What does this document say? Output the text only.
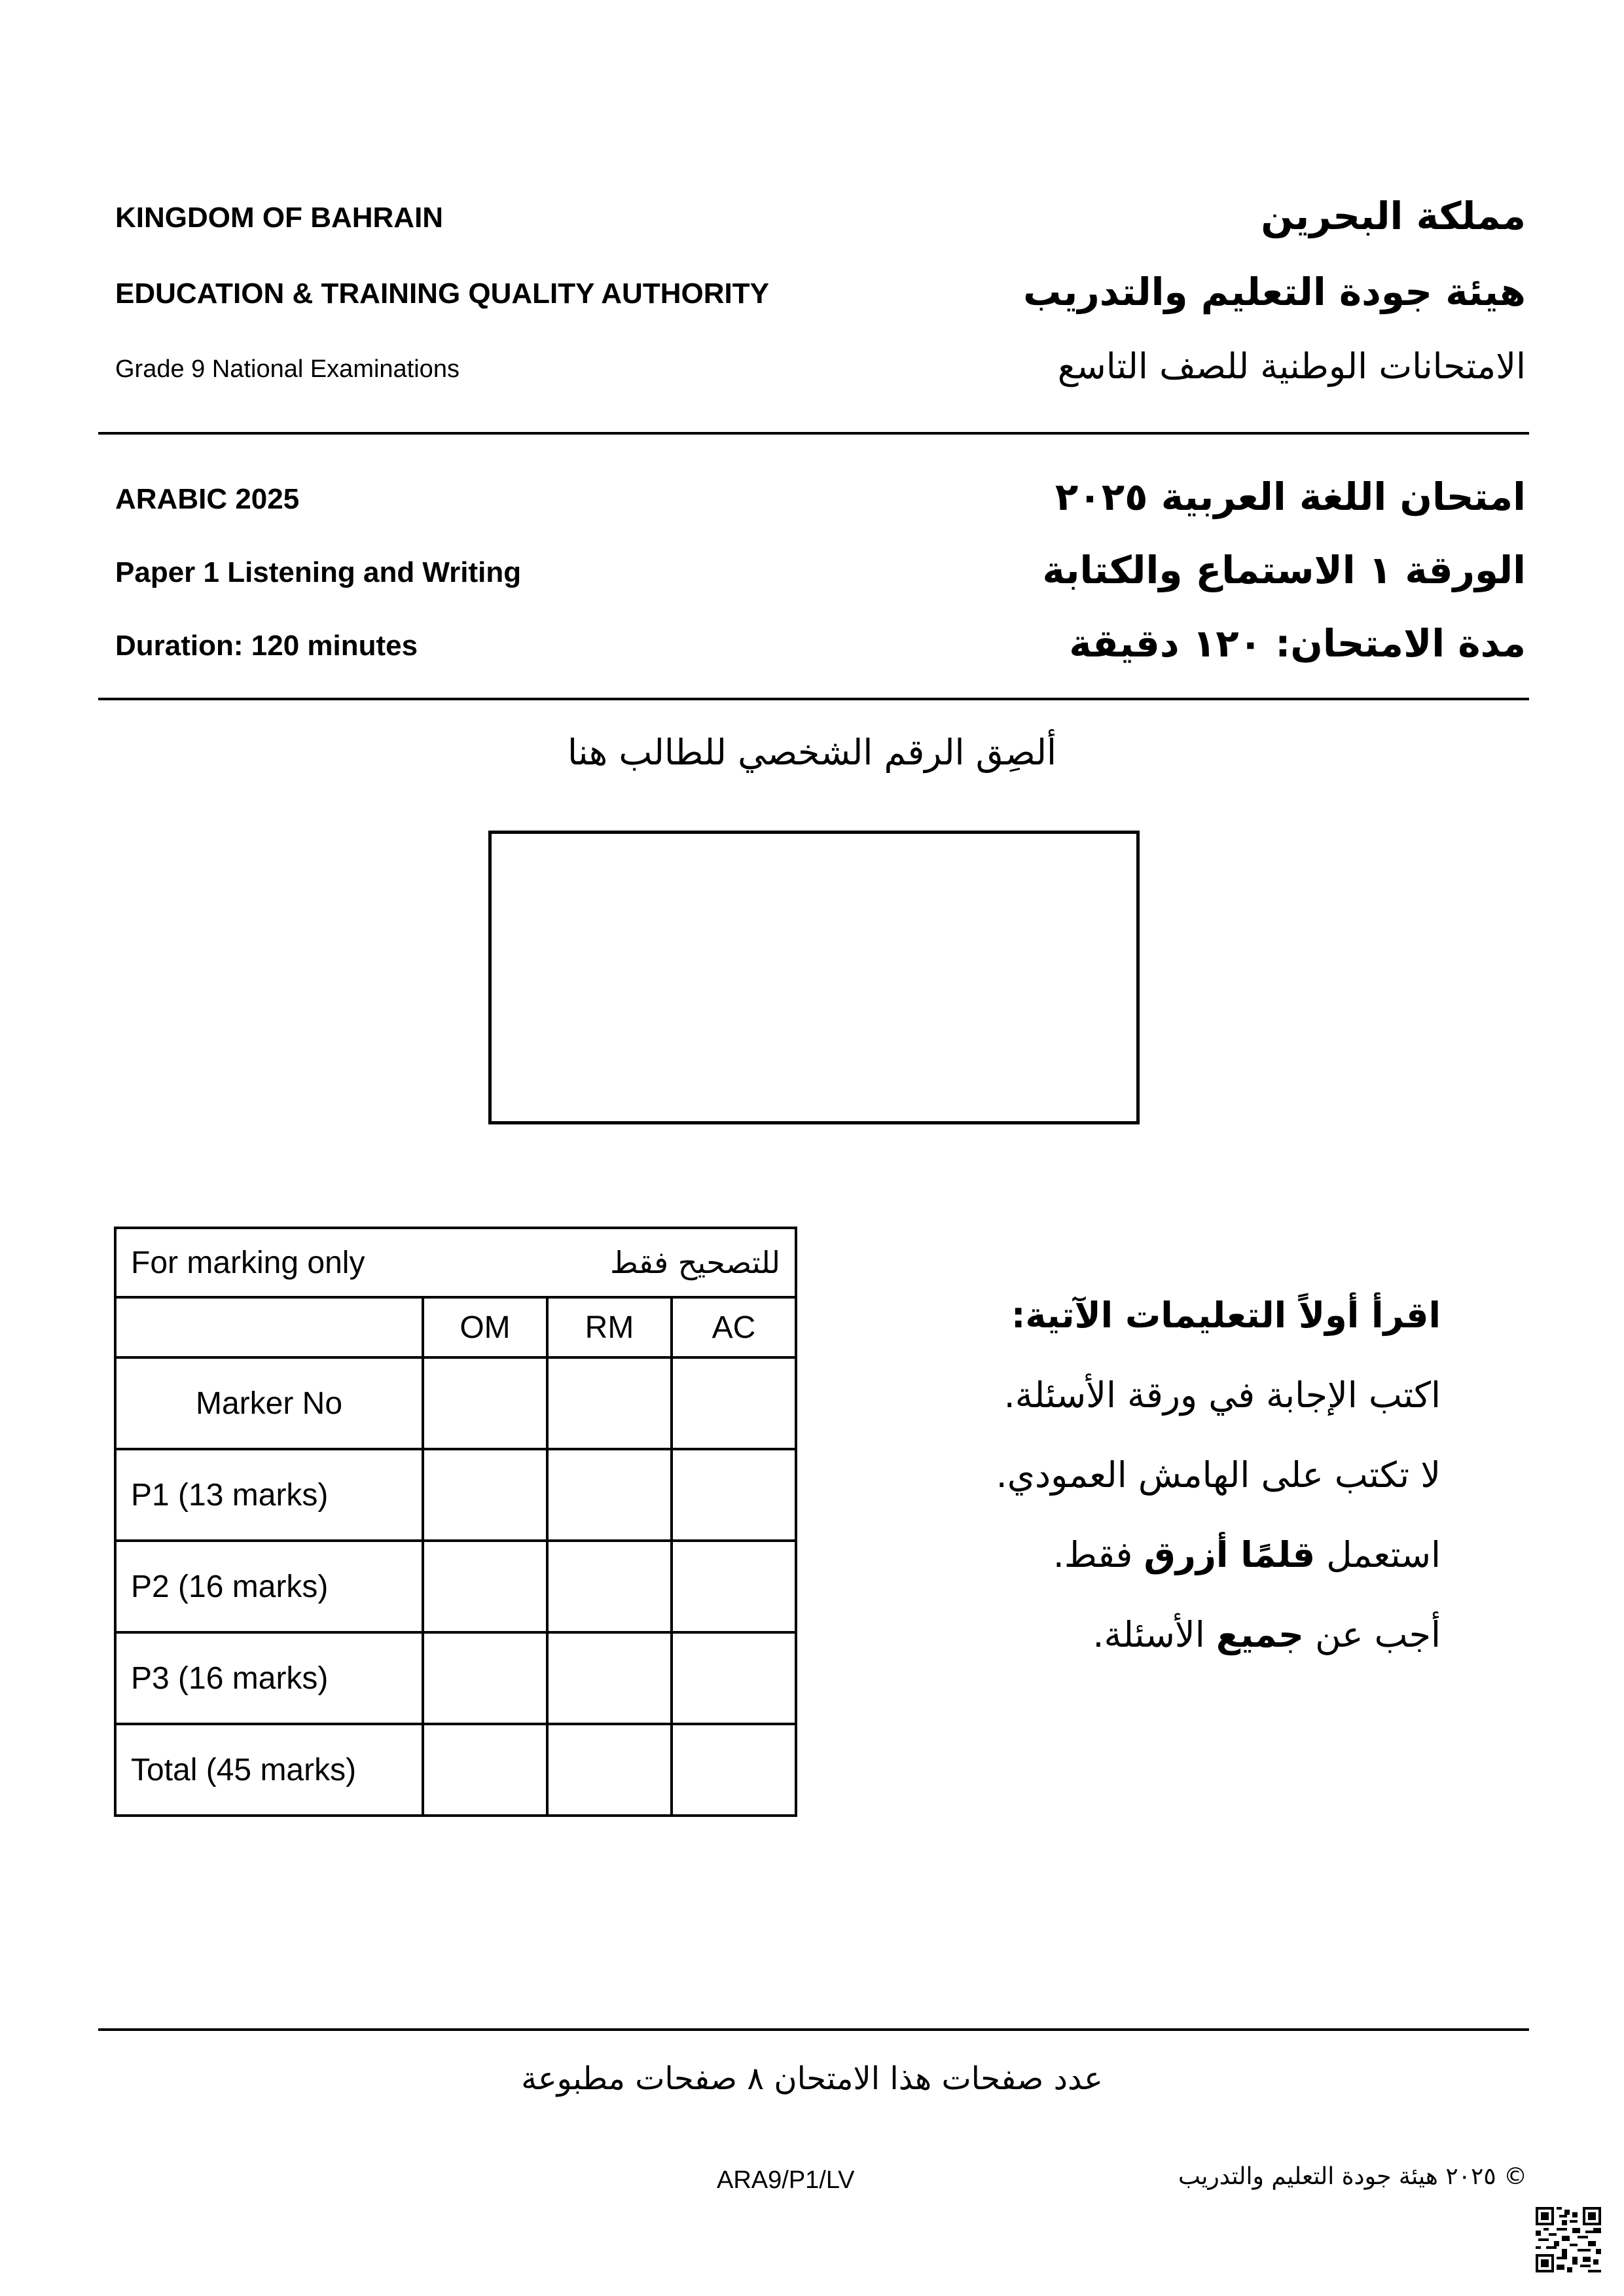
KINGDOM OF BAHRAIN
EDUCATION & TRAINING QUALITY AUTHORITY
Grade 9 National Examinations
مملكة البحرين
هيئة جودة التعليم والتدريب
الامتحانات الوطنية للصف التاسع
ARABIC 2025
Paper 1 Listening and Writing
Duration: 120 minutes
امتحان اللغة العربية ٢٠٢٥
الورقة ١ الاستماع والكتابة
مدة الامتحان: ١٢٠ دقيقة
ألصِق الرقم الشخصي للطالب هنا
For marking only للتصحيح فقط			

	OM	RM	AC
Marker No			
P1 (13 marks)			
P2 (16 marks)			
P3 (16 marks)			
Total (45 marks)			
اقرأ أولاً التعليمات الآتية:
اكتب الإجابة في ورقة الأسئلة.
لا تكتب على الهامش العمودي.
استعمل قلمًا أزرق فقط.
أجب عن جميع الأسئلة.
عدد صفحات هذا الامتحان ٨ صفحات مطبوعة
ARA9/P1/LV	© ٢٠٢٥ هيئة جودة التعليم والتدريب
